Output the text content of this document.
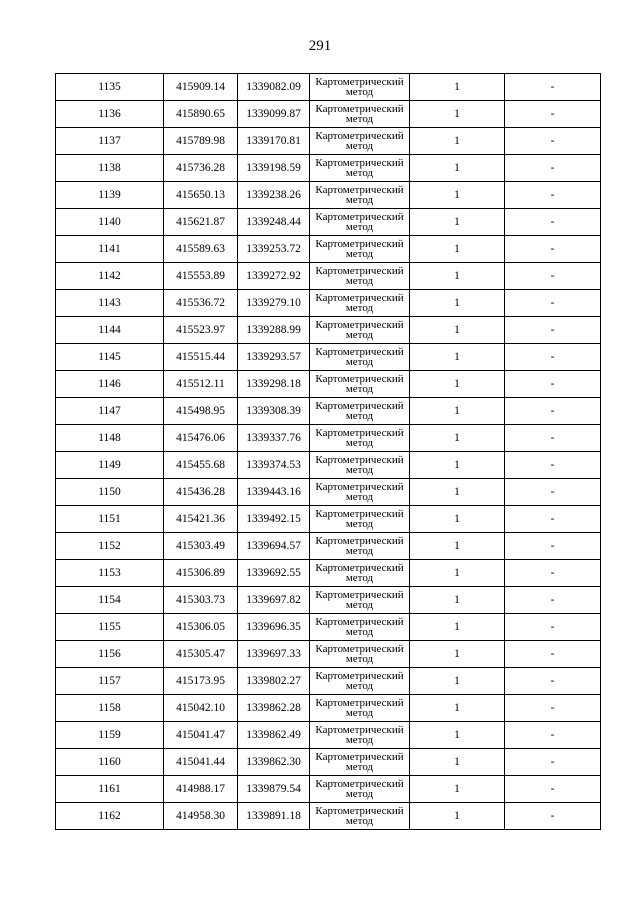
291
1135	415909.14	1339082.09	Картометрический метод	1	-
1136	415890.65	1339099.87	Картометрический метод	1	-
1137	415789.98	1339170.81	Картометрический метод	1	-
1138	415736.28	1339198.59	Картометрический метод	1	-
1139	415650.13	1339238.26	Картометрический метод	1	-
1140	415621.87	1339248.44	Картометрический метод	1	-
1141	415589.63	1339253.72	Картометрический метод	1	-
1142	415553.89	1339272.92	Картометрический метод	1	-
1143	415536.72	1339279.10	Картометрический метод	1	-
1144	415523.97	1339288.99	Картометрический метод	1	-
1145	415515.44	1339293.57	Картометрический метод	1	-
1146	415512.11	1339298.18	Картометрический метод	1	-
1147	415498.95	1339308.39	Картометрический метод	1	-
1148	415476.06	1339337.76	Картометрический метод	1	-
1149	415455.68	1339374.53	Картометрический метод	1	-
1150	415436.28	1339443.16	Картометрический метод	1	-
1151	415421.36	1339492.15	Картометрический метод	1	-
1152	415303.49	1339694.57	Картометрический метод	1	-
1153	415306.89	1339692.55	Картометрический метод	1	-
1154	415303.73	1339697.82	Картометрический метод	1	-
1155	415306.05	1339696.35	Картометрический метод	1	-
1156	415305.47	1339697.33	Картометрический метод	1	-
1157	415173.95	1339802.27	Картометрический метод	1	-
1158	415042.10	1339862.28	Картометрический метод	1	-
1159	415041.47	1339862.49	Картометрический метод	1	-
1160	415041.44	1339862.30	Картометрический метод	1	-
1161	414988.17	1339879.54	Картометрический метод	1	-
1162	414958.30	1339891.18	Картометрический метод	1	-
